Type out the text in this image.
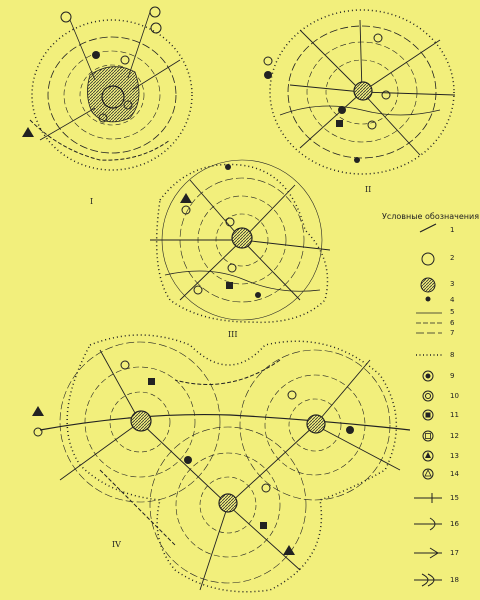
I
II
III
IV
Условные обозначения
1
2
3
4
5
6
7
8
9
10
11
12
13
14
15
16
17
18
